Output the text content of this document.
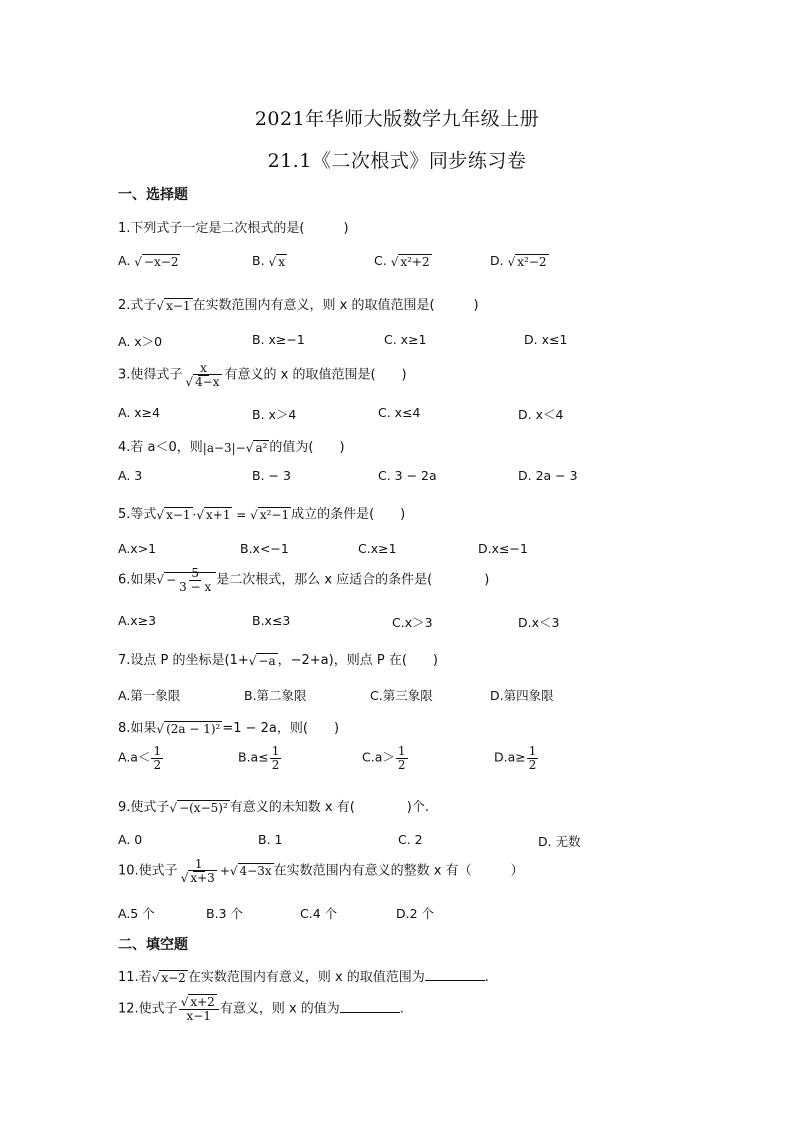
2021年华师大版数学九年级上册
21.1《二次根式》同步练习卷
一、选择题
1.下列式子一定是二次根式的是(　　　)
A. √ −x−2	B. √ x	C. √ x²+2	D. √ x²−2
2.式子√ x−1 在实数范围内有意义，则 x 的取值范围是(　　　)
A. x＞0	B. x≥−1	C. x≥1	D. x≤1
3.使得式子 $\frac{x}{√ 4-x}$ 有意义的 x 的取值范围是(　　)
A. x≥4	B. x＞4	C. x≤4	D. x＜4
4.若 a＜0，则|a−3|−√ a² 的值为(　　)
A. 3	B. − 3	C. 3 − 2a	D. 2a − 3
5.等式√ x−1 ·√ x+1 = √ x²−1 成立的条件是(　　)
A.x>1	B.x<−1	C.x≥1	D.x≤−1
6.如果√ − $\frac{5}{3 - x}$ 是二次根式，那么 x 应适合的条件是(　　　　)
A.x≥3	B.x≤3	C.x＞3	D.x＜3
7.设点 P 的坐标是(1+√ −a ，−2+a)，则点 P 在(　　)
A.第一象限	B.第二象限	C.第三象限	D.第四象限
8.如果√ (2a − 1)² =1 − 2a，则(　　)
$A.a< \frac{1}{2}$	$B.a\le \frac{1}{2}$	$C.a> \frac{1}{2}$	$D.a\ge \frac{1}{2}$
9.使式子√ −(x−5)² 有意义的未知数 x 有(　　　　)个.
A. 0	B. 1	C. 2	D. 无数
10.使式子 $\frac{1}{√ x+3}$ +√ 4−3x 在实数范围内有意义的整数 x 有（　　　）
A.5 个	B.3 个	C.4 个	D.2 个
二、填空题
11.若√ x−2 在实数范围内有意义，则 x 的取值范围为	.
12.使式子 $\frac{√ x+2}{x-1}$ 有意义，则 x 的值为	.
